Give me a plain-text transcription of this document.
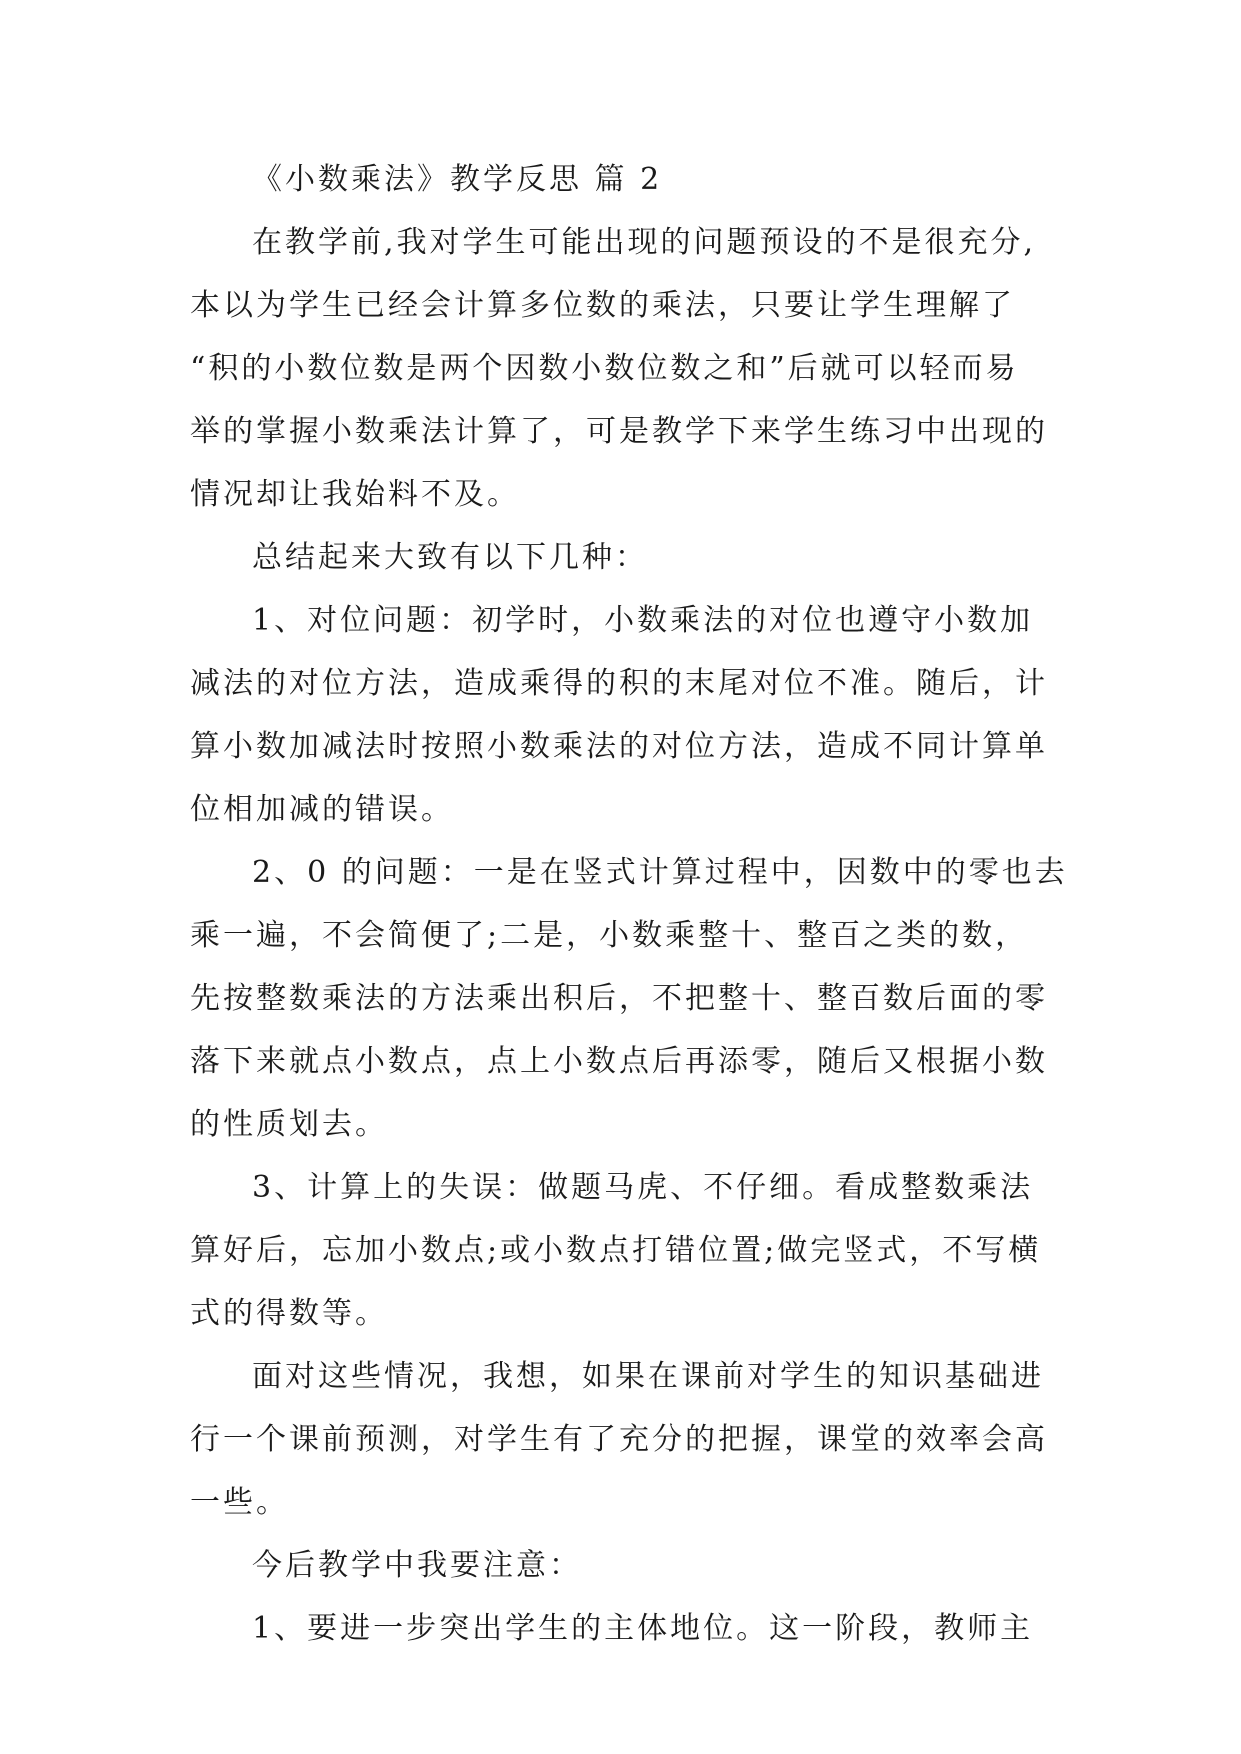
《小数乘法》教学反思 篇 2
在教学前,我对学生可能出现的问题预设的不是很充分,
本以为学生已经会计算多位数的乘法，只要让学生理解了
“积的小数位数是两个因数小数位数之和”后就可以轻而易
举的掌握小数乘法计算了，可是教学下来学生练习中出现的
情况却让我始料不及。
总结起来大致有以下几种：
1、对位问题：初学时，小数乘法的对位也遵守小数加
减法的对位方法，造成乘得的积的末尾对位不准。随后，计
算小数加减法时按照小数乘法的对位方法，造成不同计算单
位相加减的错误。
2、0 的问题：一是在竖式计算过程中，因数中的零也去
乘一遍，不会简便了;二是，小数乘整十、整百之类的数，
先按整数乘法的方法乘出积后，不把整十、整百数后面的零
落下来就点小数点，点上小数点后再添零，随后又根据小数
的性质划去。
3、计算上的失误：做题马虎、不仔细。看成整数乘法
算好后，忘加小数点;或小数点打错位置;做完竖式，不写横
式的得数等。
面对这些情况，我想，如果在课前对学生的知识基础进
行一个课前预测，对学生有了充分的把握，课堂的效率会高
一些。
今后教学中我要注意：
1、要进一步突出学生的主体地位。这一阶段，教师主
